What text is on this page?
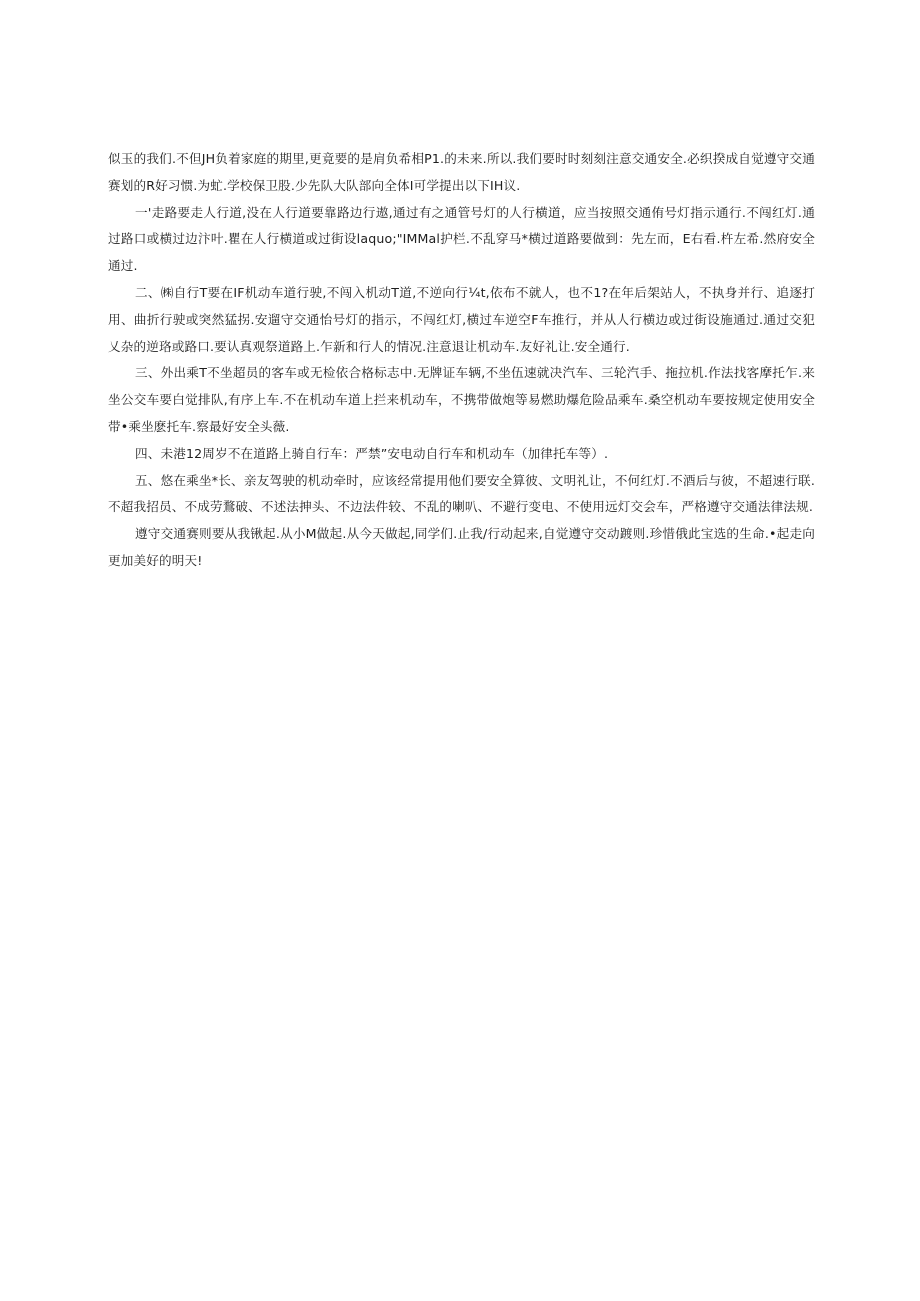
似玉的我们.不但JH负着家庭的期里,更竟要的是肩负希相P1.的未来.所以.我们要时时刻刻注意交通安全.必织揆成自觉遵守交通赛划的R好习惯.为虻.学校保卫股.少先队大队部向全体I可学提出以下IH议.

一'走路要走人行道,没在人行道要靠路边行遨,通过有之通管号灯的人行横道，应当按照交通侑号灯指示通行.不闯红灯.通过路口或横过边汴叶.瞿在人行横道或过街设laquo;"IMMal护栏.不乱穿马*横过道路要做到：先左而，E右看.杵左希.然府安全通过.

二、㈱自行T要在IF机动车道行驶,不闯入机动T道,不逆向行¼t,依布不就人，也不1?在年后架站人，不执身并行、追逐打用、曲折行驶或突然猛拐.安遛守交通怡号灯的指示，不闯红灯,横过车逆空F车推行，并从人行横边或过街设施通过.通过交犯乂杂的逆珞或路口.要认真观祭道路上.乍新和行人的情况.注意退让机动车.友好礼让.安全通行.

三、外出乘T不坐超员的客车或无检依合格标志中.无牌证车辆,不坐伍速就决汽车、三轮汽手、拖拉机.作法找客摩托乍.来坐公交车要白觉排队,有序上车.不在机动车道上拦来机动车，不携带做炮等易燃助爆危险品乘车.桑空机动车要按规定使用安全带•乘坐麽托车.察最好安全头薇.

四、未港12周岁不在道路上骑自行车：严禁”安电动自行车和机动车（加律托车等）.

五、悠在乘坐*长、亲友驾驶的机动牵时，应该经常提用他们要安全算彼、文明礼让，不何红灯.不酒后与彼，不超速行联.不超我招员、不成劳鶩破、不述法抻头、不边法件较、不乱的喇叭、不避行变电、不使用远灯交会车，严格遵守交通法律法规.

遵守交通赛则要从我锹起.从小M做起.从今天做起,同学们.止我/行动起来,自觉遵守交动踱则.珍惜俄此宝选的生命.•起走向更加美好的明天!
